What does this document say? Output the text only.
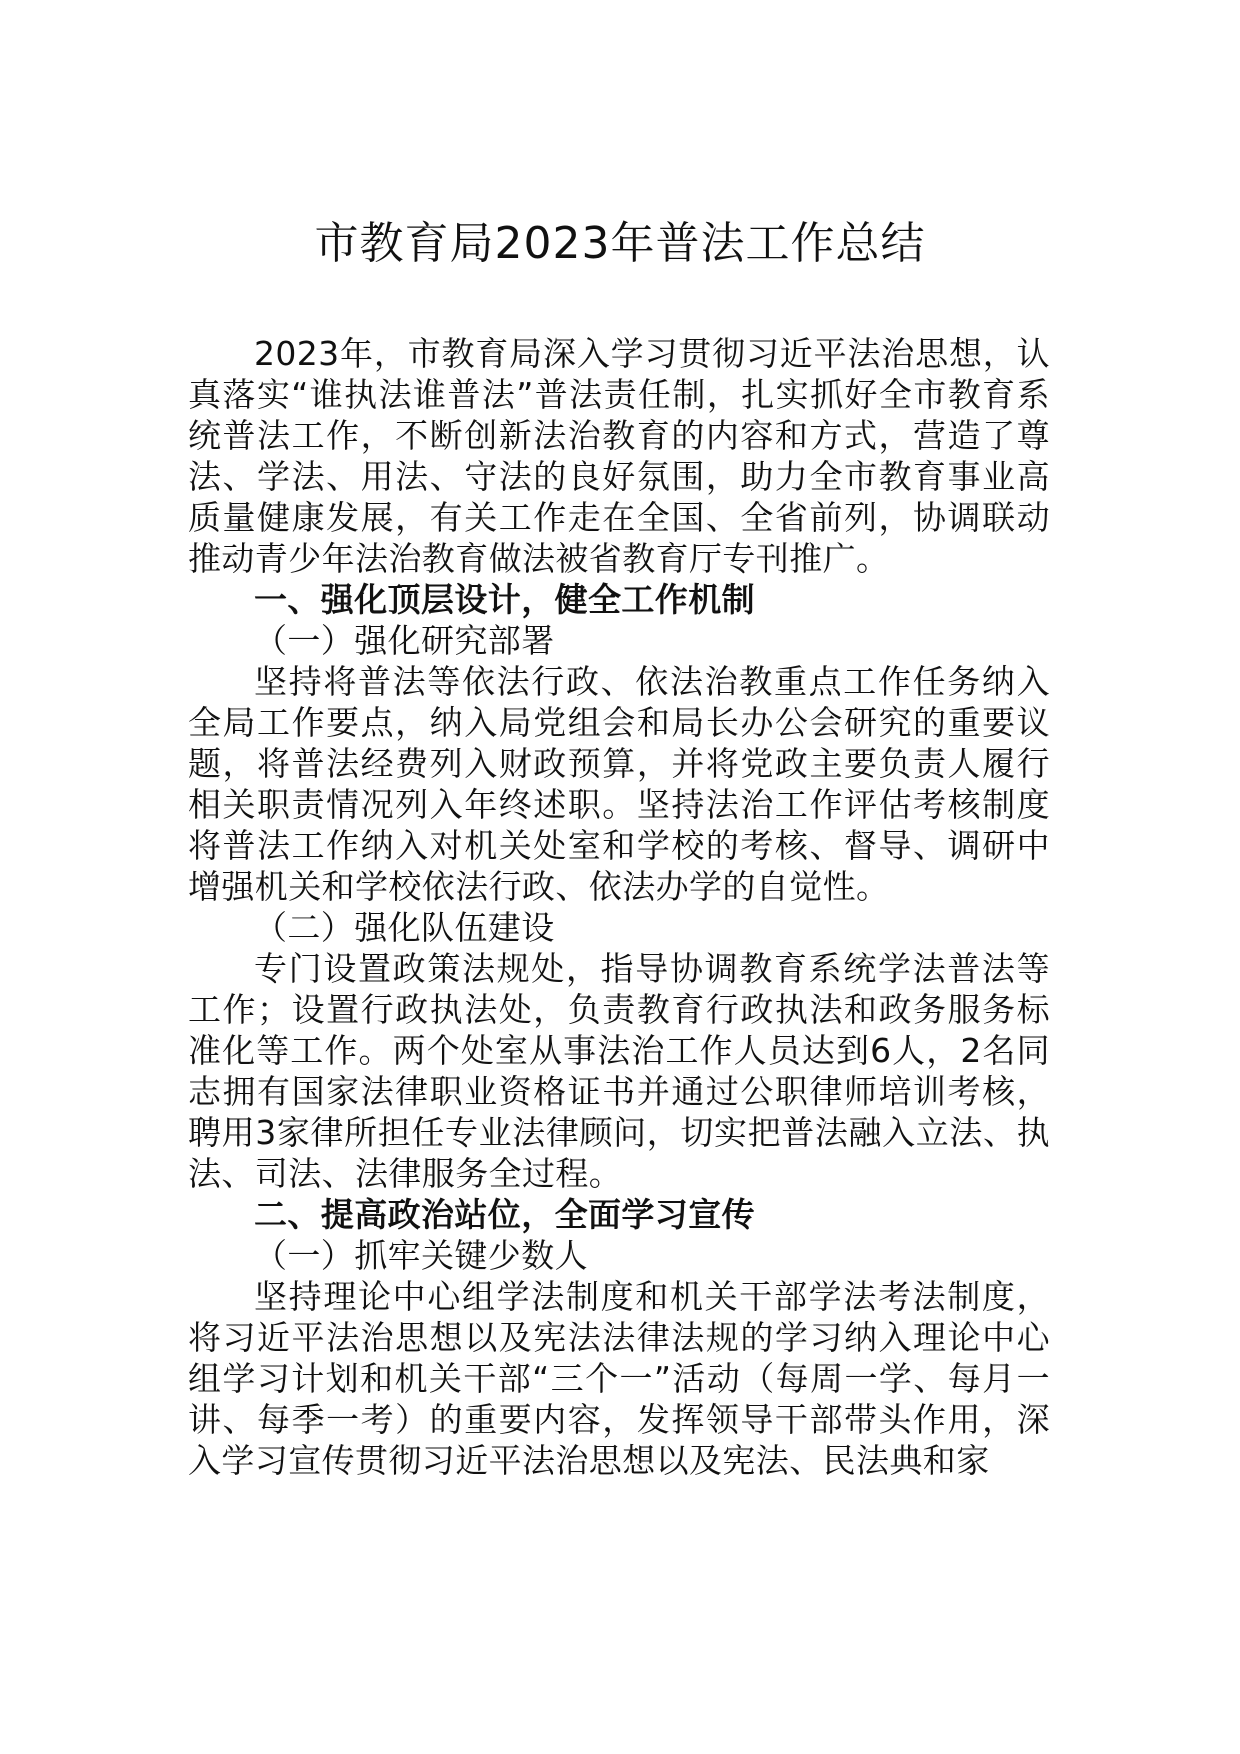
市教育局2023年普法工作总结

2023年，市教育局深入学习贯彻习近平法治思想，认真落实“谁执法谁普法”普法责任制，扎实抓好全市教育系统普法工作，不断创新法治教育的内容和方式，营造了尊法、学法、用法、守法的良好氛围，助力全市教育事业高质量健康发展，有关工作走在全国、全省前列，协调联动推动青少年法治教育做法被省教育厅专刊推广。

一、强化顶层设计，健全工作机制

（一）强化研究部署

坚持将普法等依法行政、依法治教重点工作任务纳入全局工作要点，纳入局党组会和局长办公会研究的重要议题，将普法经费列入财政预算，并将党政主要负责人履行相关职责情况列入年终述职。坚持法治工作评估考核制度将普法工作纳入对机关处室和学校的考核、督导、调研中增强机关和学校依法行政、依法办学的自觉性。

（二）强化队伍建设

专门设置政策法规处，指导协调教育系统学法普法等工作；设置行政执法处，负责教育行政执法和政务服务标准化等工作。两个处室从事法治工作人员达到6人，2名同志拥有国家法律职业资格证书并通过公职律师培训考核，聘用3家律所担任专业法律顾问，切实把普法融入立法、执法、司法、法律服务全过程。

二、提高政治站位，全面学习宣传

（一）抓牢关键少数人

坚持理论中心组学法制度和机关干部学法考法制度，将习近平法治思想以及宪法法律法规的学习纳入理论中心组学习计划和机关干部“三个一”活动（每周一学、每月一讲、每季一考）的重要内容，发挥领导干部带头作用，深入学习宣传贯彻习近平法治思想以及宪法、民法典和家
